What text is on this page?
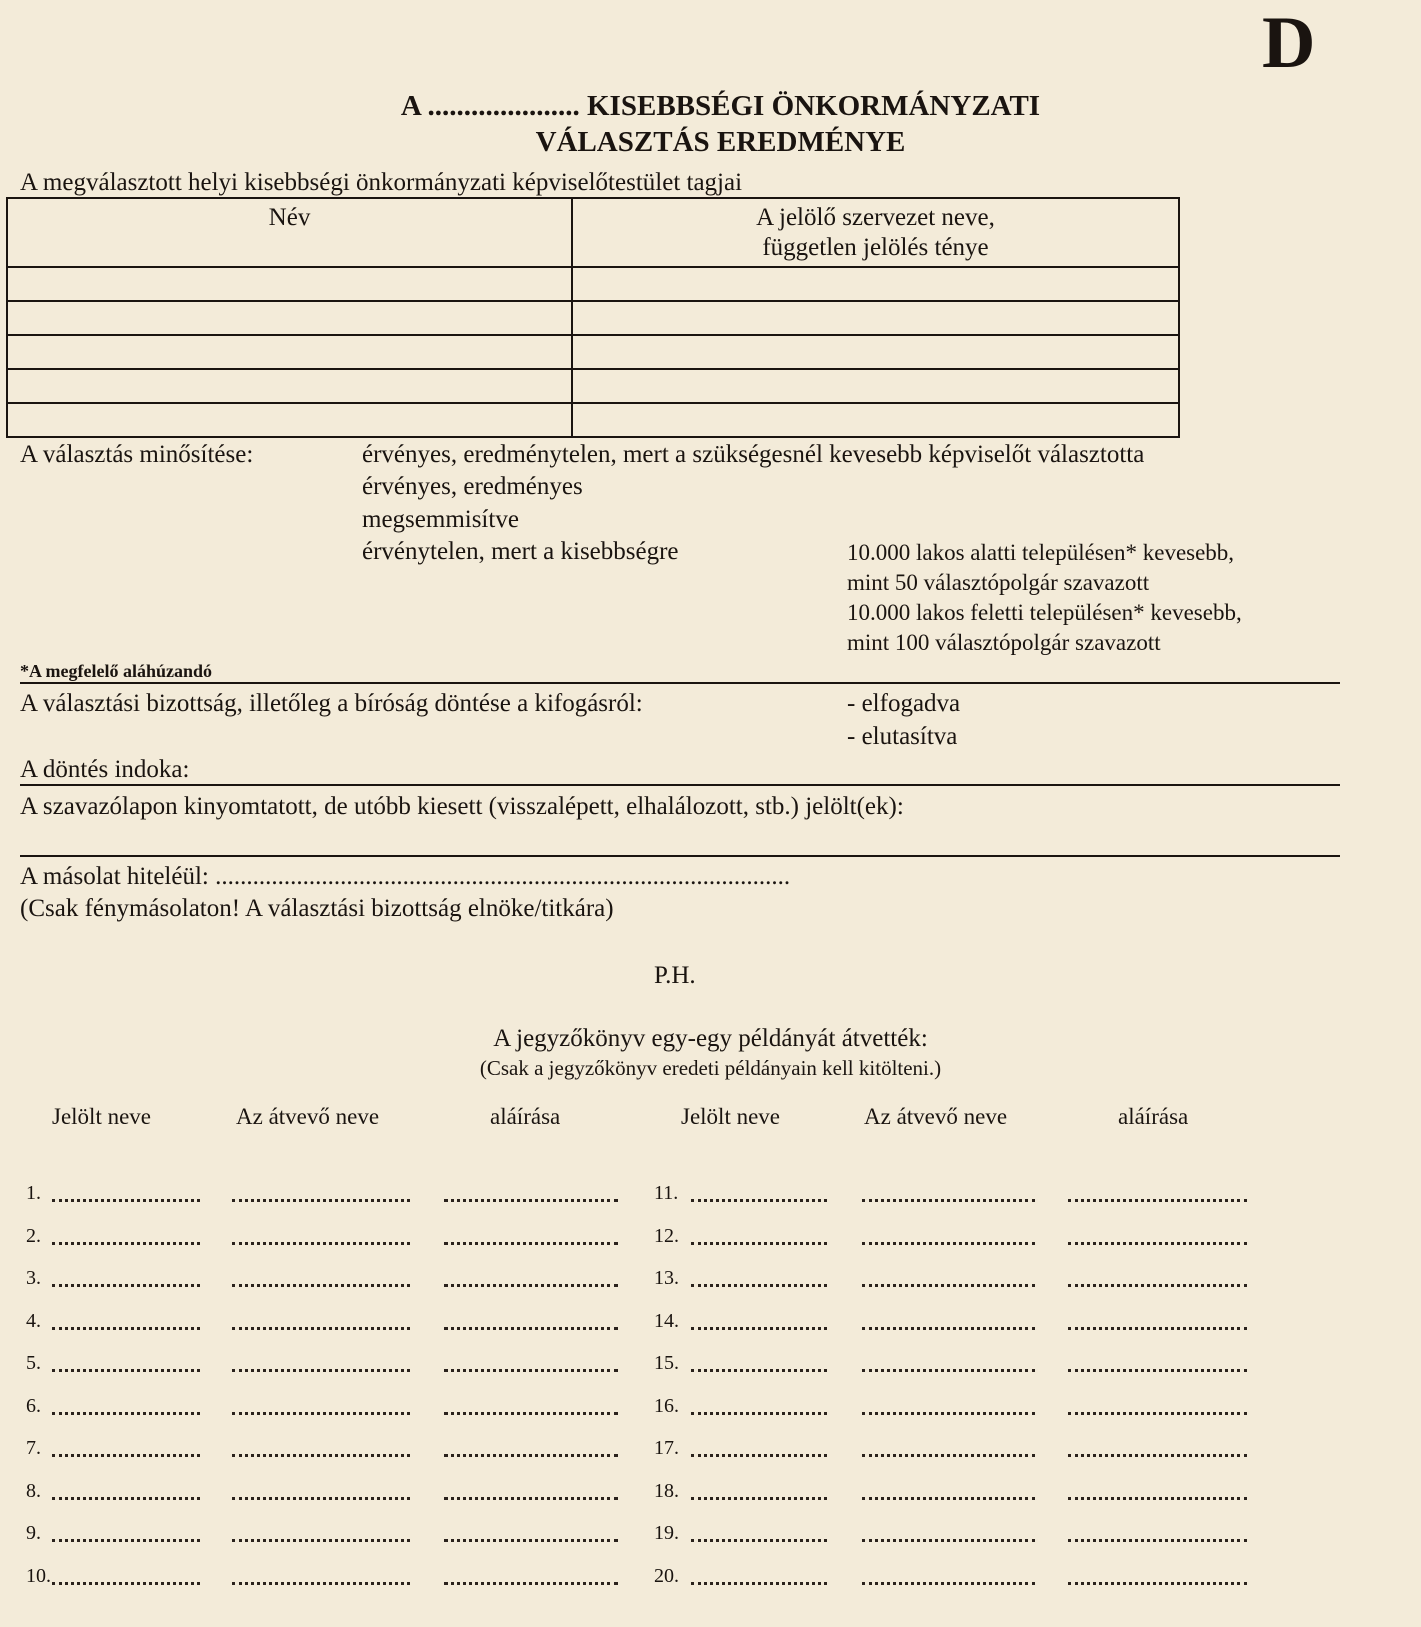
D
A ..................... KISEBBSÉGI ÖNKORMÁNYZATI
VÁLASZTÁS EREDMÉNYE
A megválasztott helyi kisebbségi önkormányzati képviselőtestület tagjai
Név	A jelölő szervezet neve,
független jelölés ténye

A választás minősítése:	érvényes, eredménytelen, mert a szükségesnél kevesebb képviselőt választotta
érvényes, eredményes
megsemmisítve
érvénytelen, mert a kisebbségre	10.000 lakos alatti településen* kevesebb,
mint 50 választópolgár szavazott
10.000 lakos feletti településen* kevesebb,
mint 100 választópolgár szavazott
*A megfelelő aláhúzandó
A választási bizottság, illetőleg a bíróság döntése a kifogásról:	- elfogadva
- elutasítva
A döntés indoka:
A szavazólapon kinyomtatott, de utóbb kiesett (visszalépett, elhalálozott, stb.) jelölt(ek):
A másolat hiteléül: ............................................................................................
(Csak fénymásolaton! A választási bizottság elnöke/titkára)
P.H.
A jegyzőkönyv egy-egy példányát átvették:
(Csak a jegyzőkönyv eredeti példányain kell kitölteni.)
Jelölt neve	Az átvevő neve	aláírása	Jelölt neve	Az átvevő neve	aláírása
1.	11.
2.	12.
3.	13.
4.	14.
5.	15.
6.	16.
7.	17.
8.	18.
9.	19.
10.	20.
